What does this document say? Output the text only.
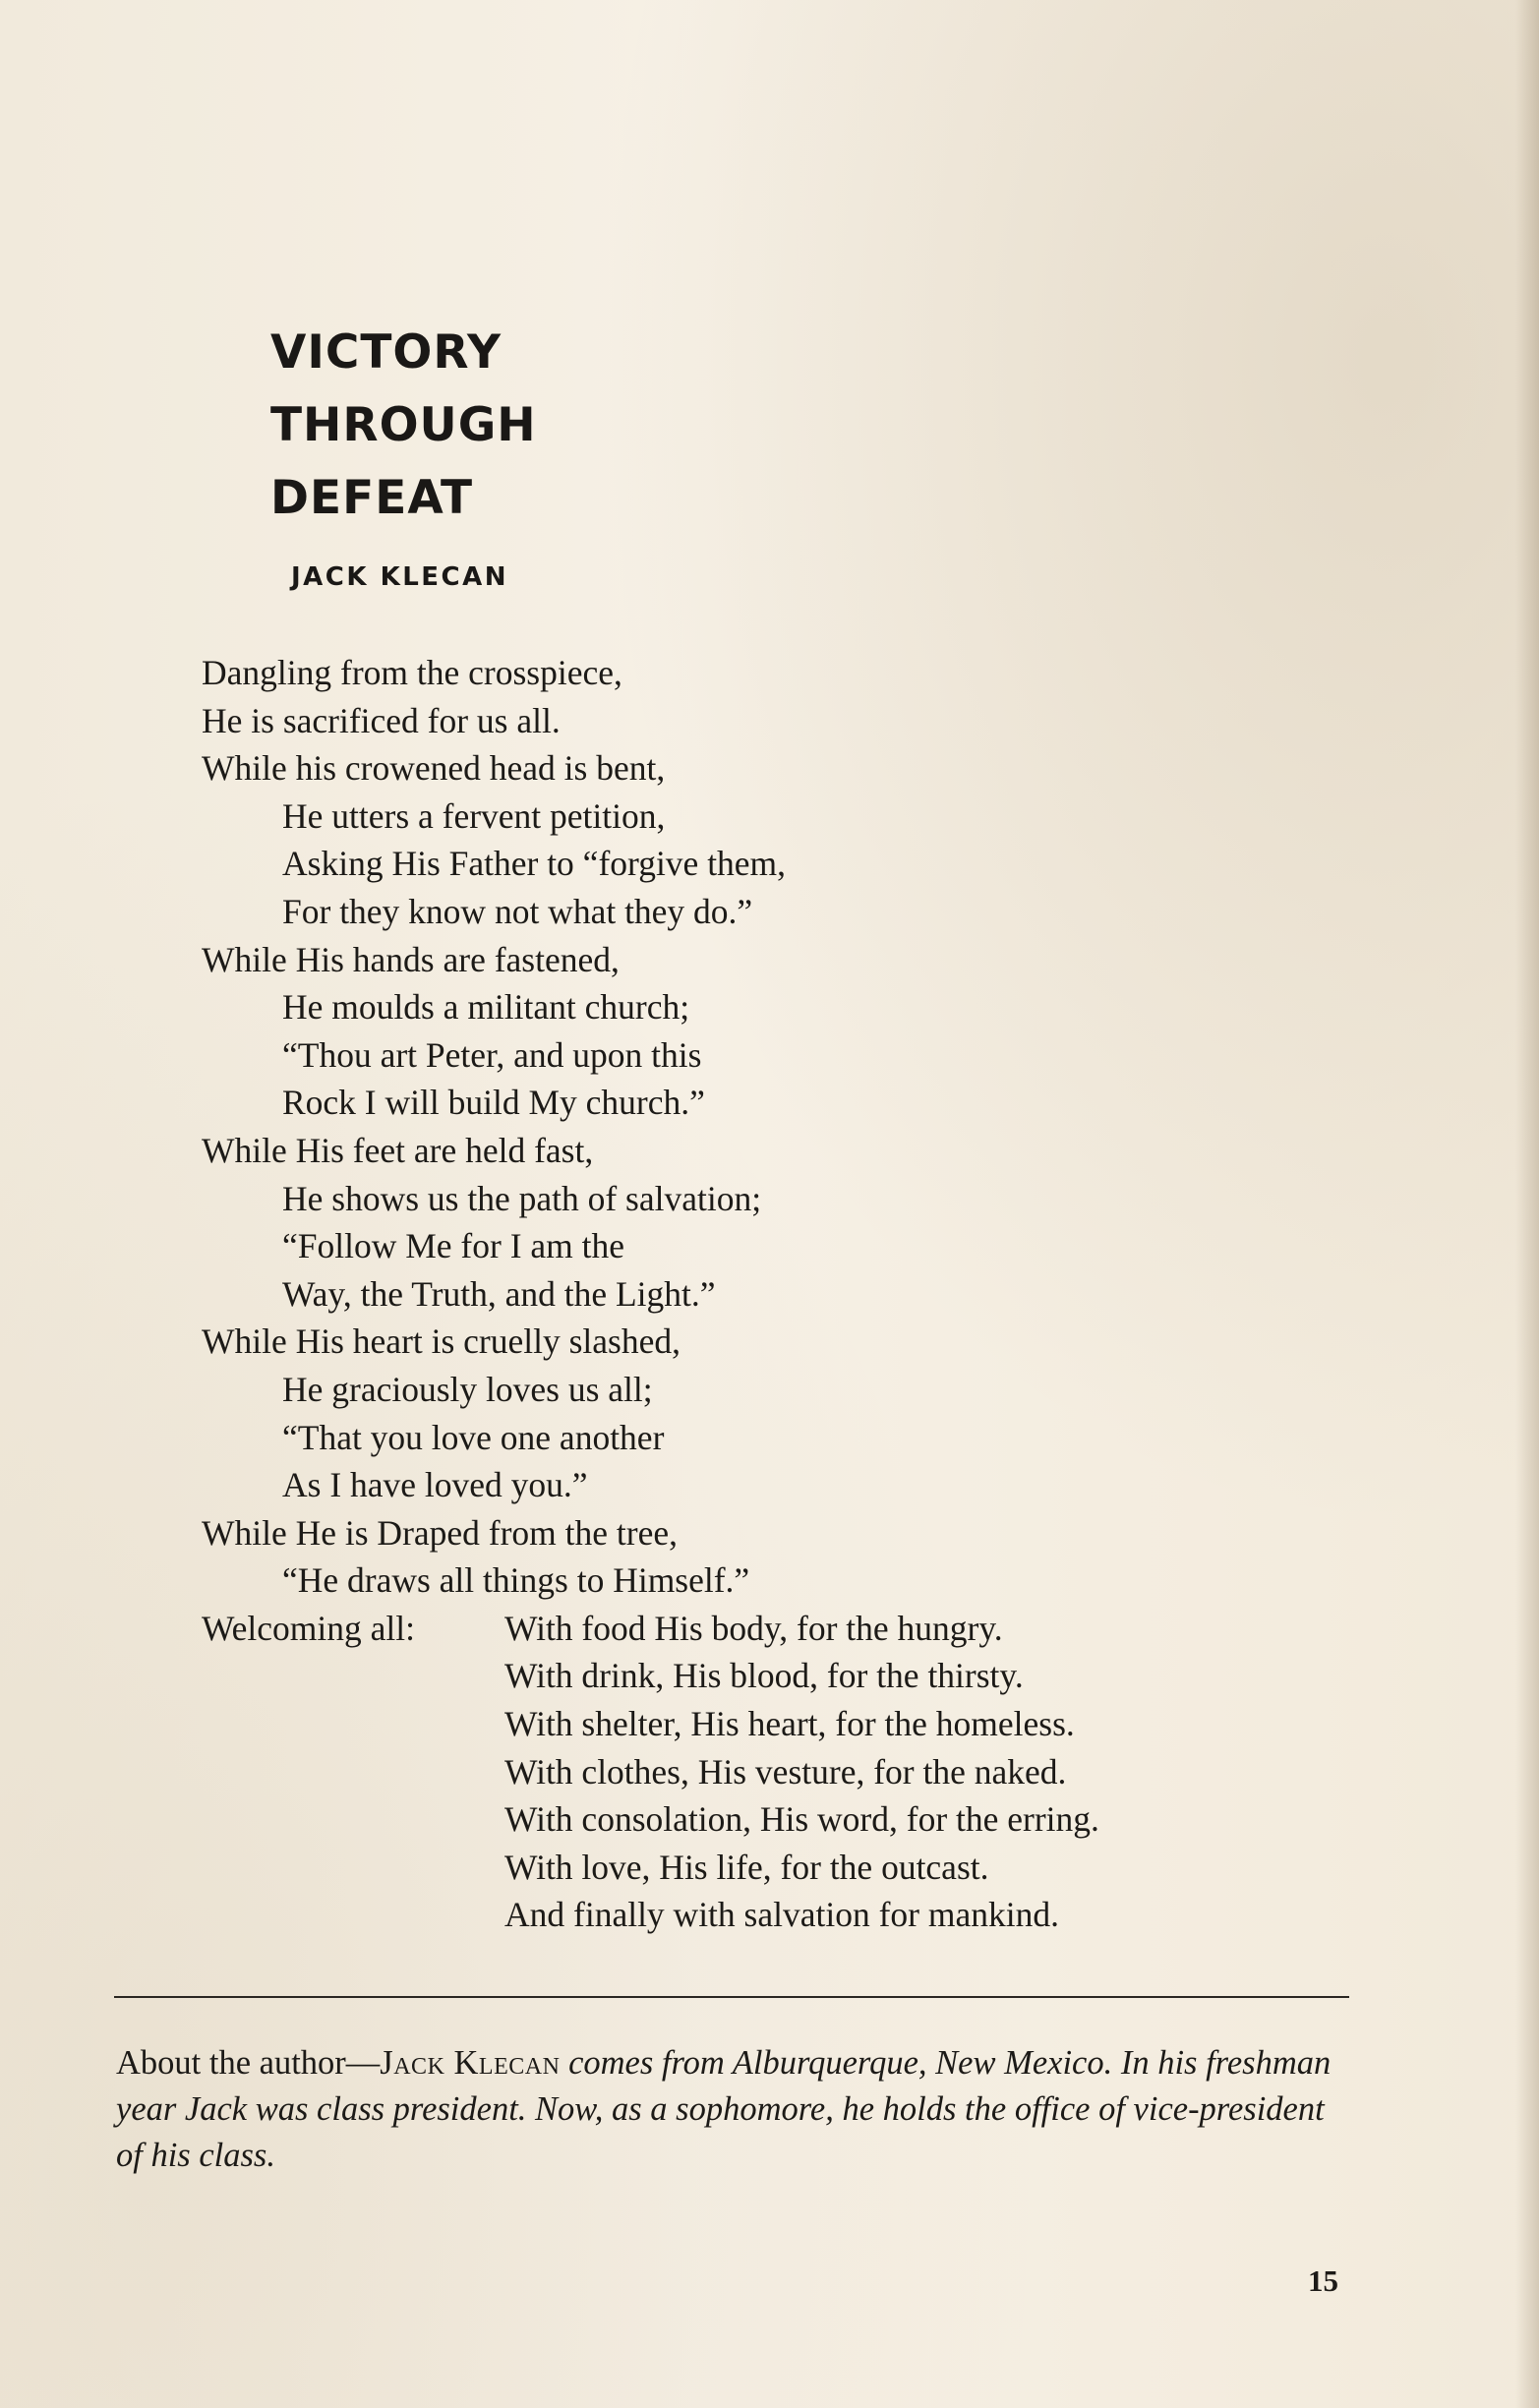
VICTORY
THROUGH
DEFEAT

JACK KLECAN

Dangling from the crosspiece,
He is sacrificed for us all.
While his crowened head is bent,
He utters a fervent petition,
Asking His Father to “forgive them,
For they know not what they do.”
While His hands are fastened,
He moulds a militant church;
“Thou art Peter, and upon this
Rock I will build My church.”
While His feet are held fast,
He shows us the path of salvation;
“Follow Me for I am the
Way, the Truth, and the Light.”
While His heart is cruelly slashed,
He graciously loves us all;
“That you love one another
As I have loved you.”
While He is Draped from the tree,
“He draws all things to Himself.”
Welcoming all:	With food His body, for the hungry.
With drink, His blood, for the thirsty.
With shelter, His heart, for the homeless.
With clothes, His vesture, for the naked.
With consolation, His word, for the erring.
With love, His life, for the outcast.
And finally with salvation for mankind.

About the author—Jack Klecan comes from Alburquerque, New Mexico. In his freshman year Jack was class president. Now, as a sophomore, he holds the office of vice-president of his class.

15
